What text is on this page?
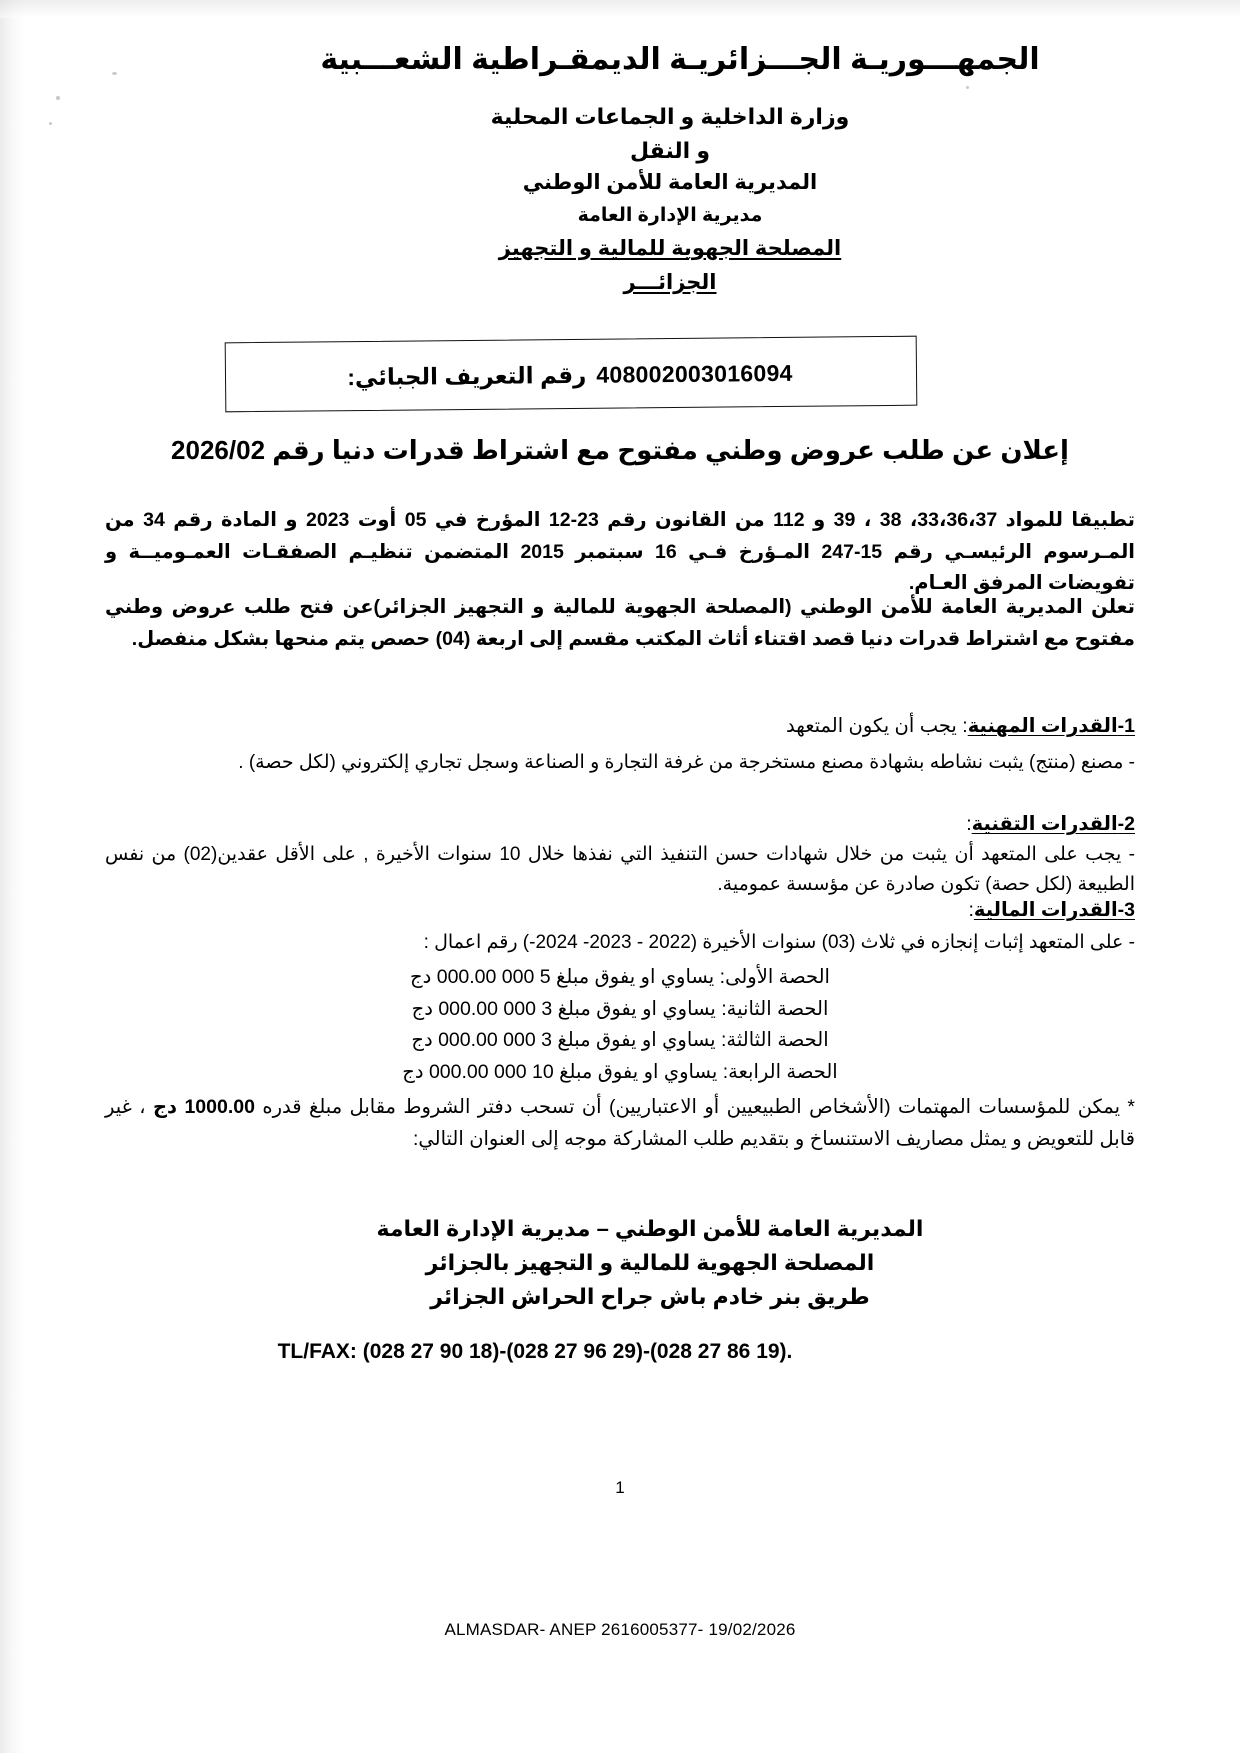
الجمهـــوريـة الجـــزائريـة الديمقـراطية الشعـــبية
وزارة الداخلية و الجماعات المحلية
و النقل
المديرية العامة للأمن الوطني
مديرية الإدارة العامة
المصلحة الجهوية للمالية و التجهيز
الجزائـــر
408002003016094
رقم التعريف الجبائي:
إعلان عن طلب عروض وطني مفتوح مع اشتراط قدرات دنيا رقم 2026/02
تطبيقا للمواد 33،36،37، 38 ، 39 و 112 من القانون رقم 23-12 المؤرخ في 05 أوت 2023 و المادة رقم 34 من المـرسوم الرئيسـي رقم 15-247 المـؤرخ فـي 16 سبتمبر 2015 المتضمن تنظيـم الصفقـات العمـوميــة و تفويضات المرفق العـام.
تعلن المديرية العامة للأمن الوطني (المصلحة الجهوية للمالية و التجهيز الجزائر)عن فتح طلب عروض وطني مفتوح مع اشتراط قدرات دنيا قصد اقتناء أثاث المكتب مقسم إلى اربعة (04) حصص يتم منحها بشكل منفصل.
1-القدرات المهنية: يجب أن يكون المتعهد
- مصنع (منتج) يثبت نشاطه بشهادة مصنع مستخرجة من غرفة التجارة و الصناعة وسجل تجاري إلكتروني (لكل حصة) .
2-القدرات التقنية:
- يجب على المتعهد أن يثبت من خلال شهادات حسن التنفيذ التي نفذها خلال 10 سنوات الأخيرة , على الأقل عقدين(02) من نفس الطبيعة (لكل حصة) تكون صادرة عن مؤسسة عمومية.
3-القدرات المالية:
- على المتعهد إثبات إنجازه في ثلاث (03) سنوات الأخيرة (2022 - 2023- 2024-) رقم اعمال :
الحصة الأولى: يساوي او يفوق مبلغ 5 000 000.00 دج
الحصة الثانية: يساوي او يفوق مبلغ 3 000 000.00 دج
الحصة الثالثة: يساوي او يفوق مبلغ 3 000 000.00 دج
الحصة الرابعة: يساوي او يفوق مبلغ 10 000 000.00 دج
* يمكن للمؤسسات المهتمات (الأشخاص الطبيعيين أو الاعتباريين) أن تسحب دفتر الشروط مقابل مبلغ قدره 1000.00 دج ، غير قابل للتعويض و يمثل مصاريف الاستنساخ و بتقديم طلب المشاركة موجه إلى العنوان التالي:
المديرية العامة للأمن الوطني – مديرية الإدارة العامة
المصلحة الجهوية للمالية و التجهيز بالجزائر
طريق بنر خادم باش جراح الحراش الجزائر
TL/FAX: (028 27 90 18)-(028 27 96 29)-(028 27 86 19).
1
ALMASDAR- ANEP 2616005377- 19/02/2026
